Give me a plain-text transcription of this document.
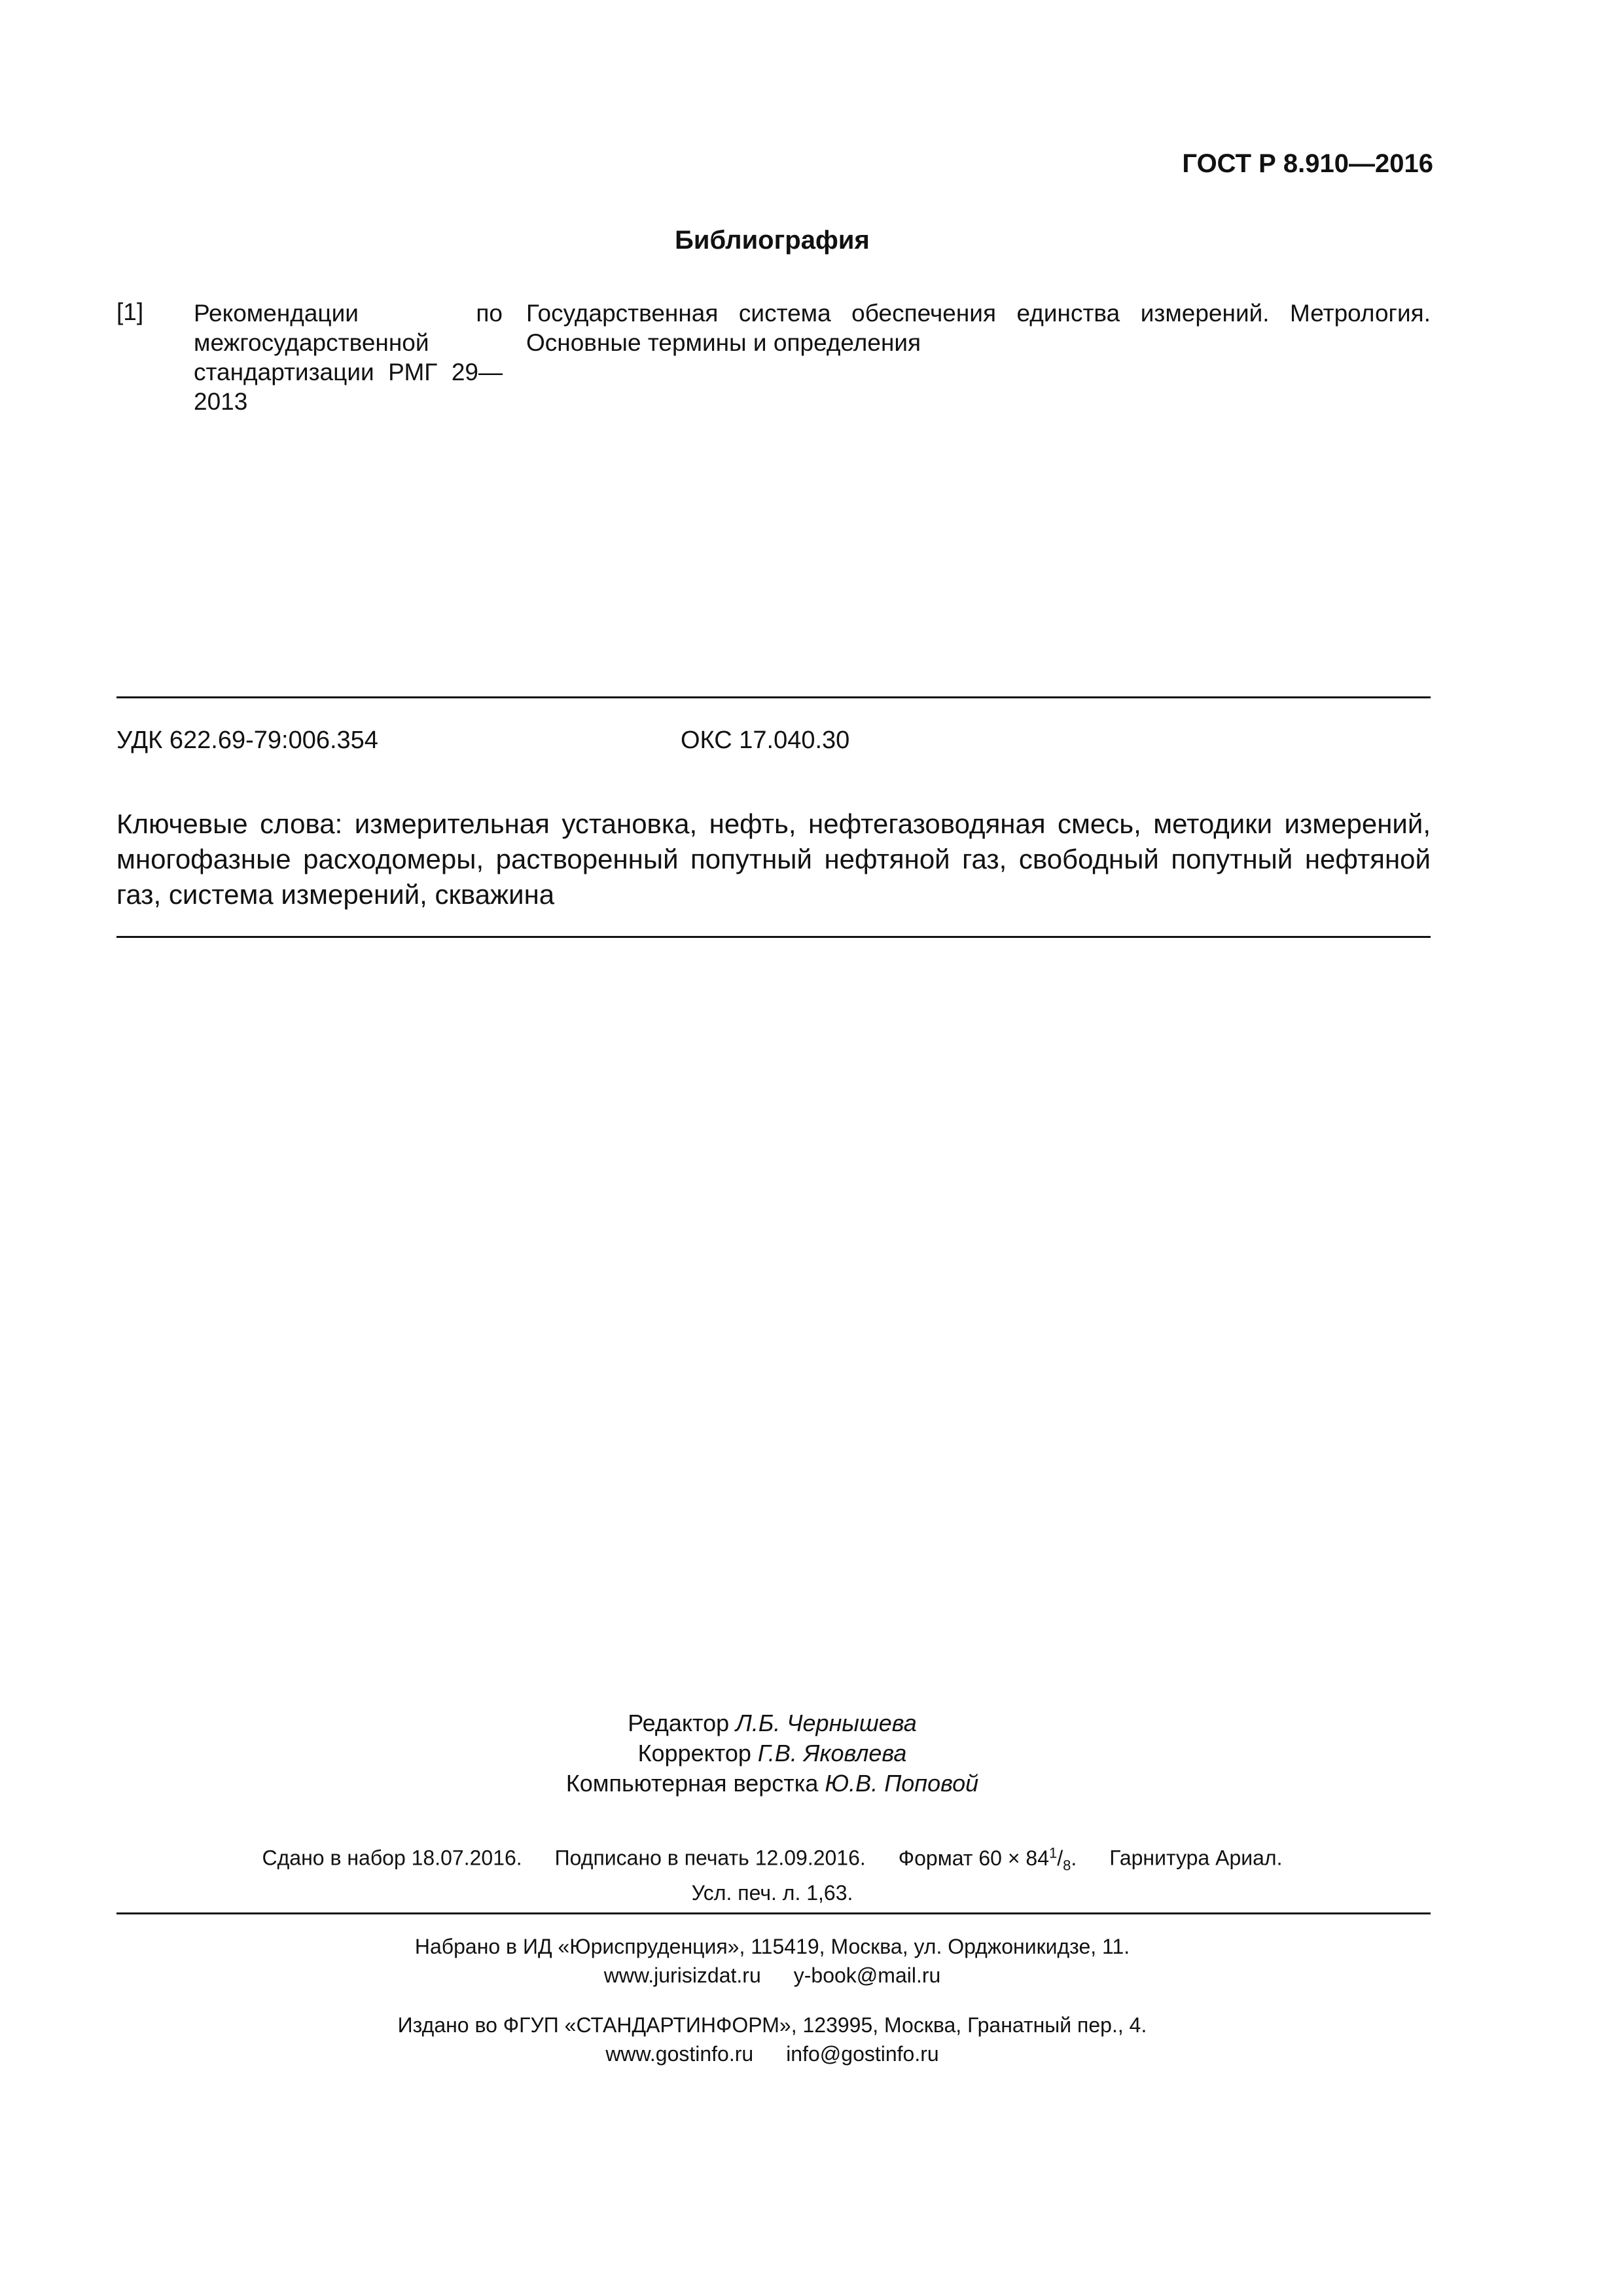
ГОСТ Р 8.910—2016
Библиография
[1] Рекомендации по межгосударственной стандартизации РМГ 29—2013
Государственная система обеспечения единства измерений. Метрология. Основные термины и определения
УДК 622.69-79:006.354	ОКС 17.040.30
Ключевые слова: измерительная установка, нефть, нефтегазоводяная смесь, методики измерений, многофазные расходомеры, растворенный попутный нефтяной газ, свободный попутный нефтяной газ, система измерений, скважина
Редактор Л.Б. Чернышева
Корректор Г.В. Яковлева
Компьютерная верстка Ю.В. Поповой
Сдано в набор 18.07.2016. Подписано в печать 12.09.2016. Формат $60 \times 84^1/_8$. Гарнитура Ариал.
Усл. печ. л. 1,63.
Набрано в ИД «Юриспруденция», 115419, Москва, ул. Орджоникидзе, 11.
www.jurisizdat.ru y-book@mail.ru
Издано во ФГУП «СТАНДАРТИНФОРМ», 123995, Москва, Гранатный пер., 4.
www.gostinfo.ru info@gostinfo.ru
